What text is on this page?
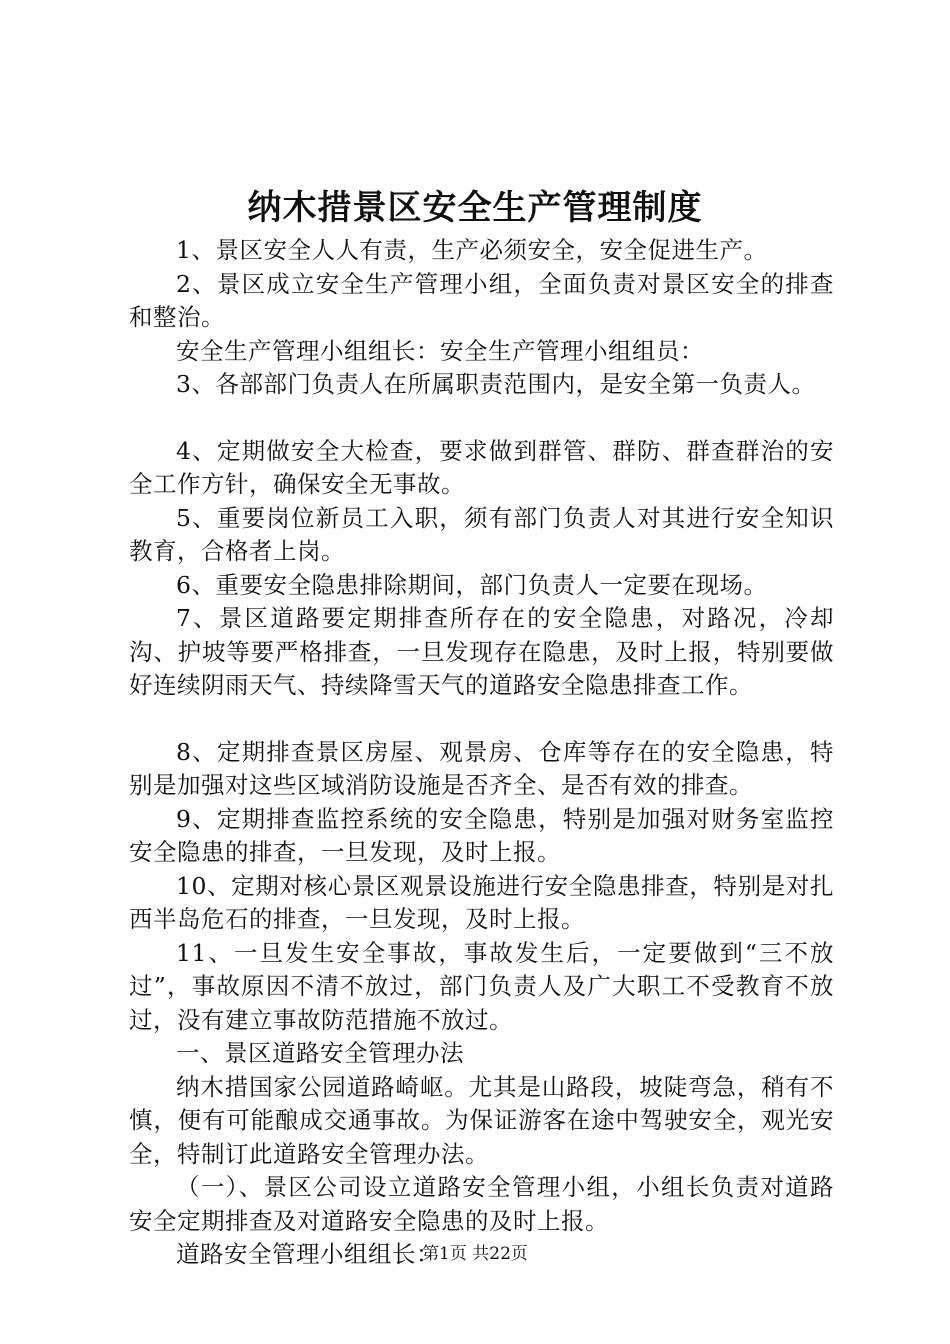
纳木措景区安全生产管理制度

1、景区安全人人有责，生产必须安全，安全促进生产。

2、景区成立安全生产管理小组，全面负责对景区安全的排查和整治。

安全生产管理小组组长：安全生产管理小组组员：

3、各部部门负责人在所属职责范围内，是安全第一负责人。

4、定期做安全大检查，要求做到群管、群防、群查群治的安全工作方针，确保安全无事故。

5、重要岗位新员工入职，须有部门负责人对其进行安全知识教育，合格者上岗。

6、重要安全隐患排除期间，部门负责人一定要在现场。

7、景区道路要定期排查所存在的安全隐患，对路况，冷却沟、护坡等要严格排查，一旦发现存在隐患，及时上报，特别要做好连续阴雨天气、持续降雪天气的道路安全隐患排查工作。

8、定期排查景区房屋、观景房、仓库等存在的安全隐患，特别是加强对这些区域消防设施是否齐全、是否有效的排查。

9、定期排查监控系统的安全隐患，特别是加强对财务室监控安全隐患的排查，一旦发现，及时上报。

10、定期对核心景区观景设施进行安全隐患排查，特别是对扎西半岛危石的排查，一旦发现，及时上报。

11、一旦发生安全事故，事故发生后，一定要做到“三不放过”，事故原因不清不放过，部门负责人及广大职工不受教育不放过，没有建立事故防范措施不放过。

一、景区道路安全管理办法

纳木措国家公园道路崎岖。尤其是山路段，坡陡弯急，稍有不慎，便有可能酿成交通事故。为保证游客在途中驾驶安全，观光安全，特制订此道路安全管理办法。

（一）、景区公司设立道路安全管理小组，小组长负责对道路安全定期排查及对道路安全隐患的及时上报。

道路安全管理小组组长：

第1页 共22页
